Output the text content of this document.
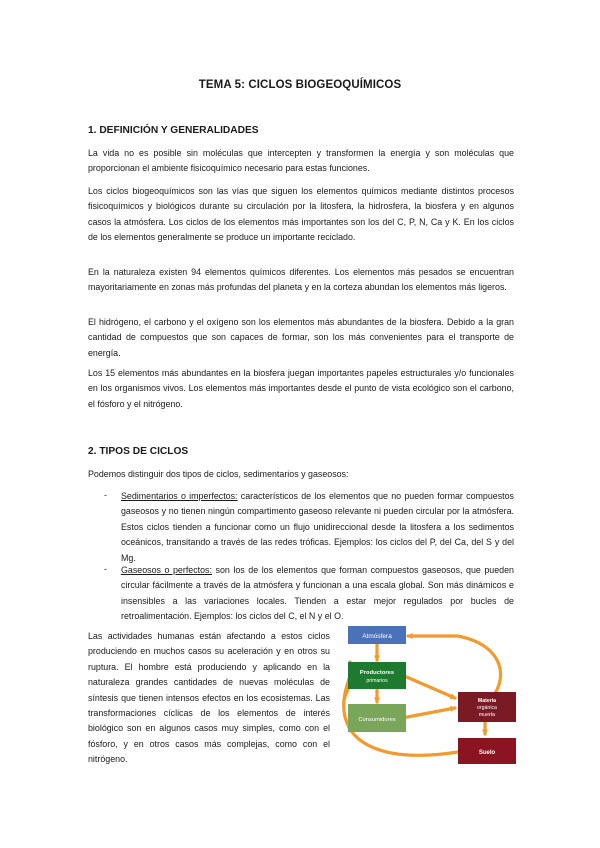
TEMA 5: CICLOS BIOGEOQUÍMICOS
1. DEFINICIÓN Y GENERALIDADES
La vida no es posible sin moléculas que intercepten y transformen la energía y son moléculas que proporcionan el ambiente fisicoquímico necesario para estas funciones.
Los ciclos biogeoquímicos son las vías que siguen los elementos químicos mediante distintos procesos fisicoquímicos y biológicos durante su circulación por la litosfera, la hidrosfera, la biosfera y en algunos casos la atmósfera. Los ciclos de los elementos más importantes son los del C, P, N, Ca y K. En los ciclos de los elementos generalmente se produce un importante reciclado.
En la naturaleza existen 94 elementos químicos diferentes. Los elementos más pesados se encuentran mayoritariamente en zonas más profundas del planeta y en la corteza abundan los elementos más ligeros.
El hidrógeno, el carbono y el oxígeno son los elementos más abundantes de la biosfera. Debido a la gran cantidad de compuestos que son capaces de formar, son los más convenientes para el transporte de energía.
Los 15 elementos más abundantes en la biosfera juegan importantes papeles estructurales y/o funcionales en los organismos vivos. Los elementos más importantes desde el punto de vista ecológico son el carbono, el fósforo y el nitrógeno.
2. TIPOS DE CICLOS
Podemos distinguir dos tipos de ciclos, sedimentarios y gaseosos:
- Sedimentarios o imperfectos: característicos de los elementos que no pueden formar compuestos gaseosos y no tienen ningún compartimento gaseoso relevante ni pueden circular por la atmósfera. Estos ciclos tienden a funcionar como un flujo unidireccional desde la litosfera a los sedimentos oceánicos, transitando a través de las redes tróficas. Ejemplos: los ciclos del P, del Ca, del S y del Mg.
- Gaseosos o perfectos: son los de los elementos que forman compuestos gaseosos, que pueden circular fácilmente a través de la atmósfera y funcionan a una escala global. Son más dinámicos e insensibles a las variaciones locales. Tienden a estar mejor regulados por bucles de retroalimentación. Ejemplos: los ciclos del C, el N y el O.
Las actividades humanas están afectando a estos ciclos produciendo en muchos casos su aceleración y en otros su ruptura. El hombre está produciendo y aplicando en la naturaleza grandes cantidades de nuevas moléculas de síntesis que tienen intensos efectos en los ecosistemas. Las transformaciones cíclicas de los elementos de interés biológico son en algunos casos muy simples, como con el fósforo, y en otros casos más complejas, como con el nitrógeno.
Atmósfera
Productores
primarios
Consumidores
Materia
orgánica
muerta
Suelo
